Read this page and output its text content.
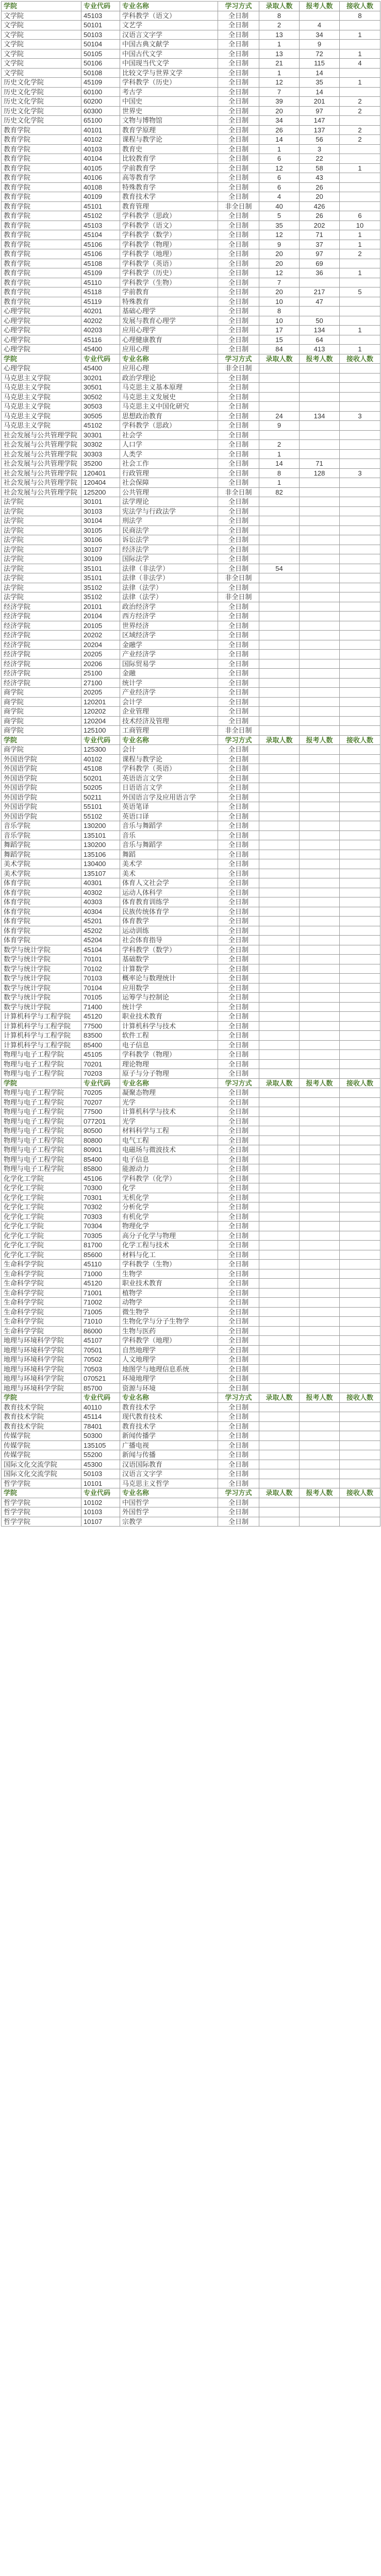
学院	专业代码	专业名称	学习方式	录取人数	报考人数	接收人数
文学院	45103	学科教学（语文）	全日制	8		8
文学院	50101	文艺学	全日制	2	4	
文学院	50103	汉语言文字学	全日制	13	34	1
文学院	50104	中国古典文献学	全日制	1	9	
文学院	50105	中国古代文学	全日制	13	72	1
文学院	50106	中国现当代文学	全日制	21	115	4
文学院	50108	比较文学与世界文学	全日制	1	14	
历史文化学院	45109	学科教学（历史）	全日制	12	35	1
历史文化学院	60100	考古学	全日制	7	14	
历史文化学院	60200	中国史	全日制	39	201	2
历史文化学院	60300	世界史	全日制	20	97	2
历史文化学院	65100	文物与博物馆	全日制	34	147	
教育学院	40101	教育学原理	全日制	26	137	2
教育学院	40102	课程与教学论	全日制	14	56	2
教育学院	40103	教育史	全日制	1	3	
教育学院	40104	比较教育学	全日制	6	22	
教育学院	40105	学前教育学	全日制	12	58	1
教育学院	40106	高等教育学	全日制	6	43	
教育学院	40108	特殊教育学	全日制	6	26	
教育学院	40109	教育技术学	全日制	4	20	
教育学院	45101	教育管理	非全日制	40	426	
教育学院	45102	学科教学（思政）	全日制	5	26	6
教育学院	45103	学科教学（语文）	全日制	35	202	10
教育学院	45104	学科教学（数学）	全日制	12	71	1
教育学院	45106	学科教学（物理）	全日制	9	37	1
教育学院	45106	学科教学（地理）	全日制	20	97	2
教育学院	45108	学科教学（英语）	全日制	20	69	
教育学院	45109	学科教学（历史）	全日制	12	36	1
教育学院	45110	学科教学（生物）	全日制	7		
教育学院	45118	学前教育	全日制	20	217	5
教育学院	45119	特殊教育	全日制	10	47	
心理学院	40201	基础心理学	全日制	8		
心理学院	40202	发展与教育心理学	全日制	10	50	
心理学院	40203	应用心理学	全日制	17	134	1
心理学院	45116	心理健康教育	全日制	15	64	
心理学院	45400	应用心理	全日制	84	413	1
学院	专业代码	专业名称	学习方式	录取人数	报考人数	接收人数
心理学院	45400	应用心理	非全日制			
马克思主义学院	30201	政治学理论	全日制			
马克思主义学院	30501	马克思主义基本原理	全日制			
马克思主义学院	30502	马克思主义发展史	全日制			
马克思主义学院	30503	马克思主义中国化研究	全日制			
马克思主义学院	30505	思想政治教育	全日制	24	134	3
马克思主义学院	45102	学科教学（思政）	全日制	9		
社会发展与公共管理学院	30301	社会学	全日制			
社会发展与公共管理学院	30302	人口学	全日制	2		
社会发展与公共管理学院	30303	人类学	全日制	1		
社会发展与公共管理学院	35200	社会工作	全日制	14	71	
社会发展与公共管理学院	120401	行政管理	全日制	8	128	3
社会发展与公共管理学院	120404	社会保障	全日制	1		
社会发展与公共管理学院	125200	公共管理	非全日制	82		
法学院	30101	法学理论	全日制			
法学院	30103	宪法学与行政法学	全日制			
法学院	30104	刑法学	全日制			
法学院	30105	民商法学	全日制			
法学院	30106	诉讼法学	全日制			
法学院	30107	经济法学	全日制			
法学院	30109	国际法学	全日制			
法学院	35101	法律（非法学）	全日制	54		
法学院	35101	法律（非法学）	非全日制			
法学院	35102	法律（法学）	全日制			
法学院	35102	法律（法学）	非全日制			
经济学院	20101	政治经济学	全日制			
经济学院	20104	西方经济学	全日制			
经济学院	20105	世界经济	全日制			
经济学院	20202	区域经济学	全日制			
经济学院	20204	金融学	全日制			
经济学院	20205	产业经济学	全日制			
经济学院	20206	国际贸易学	全日制			
经济学院	25100	金融	全日制			
经济学院	27100	统计学	全日制			
商学院	20205	产业经济学	全日制			
商学院	120201	会计学	全日制			
商学院	120202	企业管理	全日制			
商学院	120204	技术经济及管理	全日制			
商学院	125100	工商管理	非全日制			
学院	专业代码	专业名称	学习方式	录取人数	报考人数	接收人数
商学院	125300	会计	全日制			
外国语学院	40102	课程与教学论	全日制			
外国语学院	45108	学科教学（英语）	全日制			
外国语学院	50201	英语语言文学	全日制			
外国语学院	50205	日语语言文学	全日制			
外国语学院	50211	外国语言学及应用语言学	全日制			
外国语学院	55101	英语笔译	全日制			
外国语学院	55102	英语口译	全日制			
音乐学院	130200	音乐与舞蹈学	全日制			
音乐学院	135101	音乐	全日制			
舞蹈学院	130200	音乐与舞蹈学	全日制			
舞蹈学院	135106	舞蹈	全日制			
美术学院	130400	美术学	全日制			
美术学院	135107	美术	全日制			
体育学院	40301	体育人文社会学	全日制			
体育学院	40302	运动人体科学	全日制			
体育学院	40303	体育教育训练学	全日制			
体育学院	40304	民族传统体育学	全日制			
体育学院	45201	体育教学	全日制			
体育学院	45202	运动训练	全日制			
体育学院	45204	社会体育指导	全日制			
数学与统计学院	45104	学科教学（数学）	全日制			
数学与统计学院	70101	基础数学	全日制			
数学与统计学院	70102	计算数学	全日制			
数学与统计学院	70103	概率论与数理统计	全日制			
数学与统计学院	70104	应用数学	全日制			
数学与统计学院	70105	运筹学与控制论	全日制			
数学与统计学院	71400	统计学	全日制			
计算机科学与工程学院	45120	职业技术教育	全日制			
计算机科学与工程学院	77500	计算机科学与技术	全日制			
计算机科学与工程学院	83500	软件工程	全日制			
计算机科学与工程学院	85400	电子信息	全日制			
物理与电子工程学院	45105	学科教学（物理）	全日制			
物理与电子工程学院	70201	理论物理	全日制			
物理与电子工程学院	70203	原子与分子物理	全日制			
学院	专业代码	专业名称	学习方式	录取人数	报考人数	接收人数
物理与电子工程学院	70205	凝聚态物理	全日制			
物理与电子工程学院	70207	光学	全日制			
物理与电子工程学院	77500	计算机科学与技术	全日制			
物理与电子工程学院	077201	光学	全日制			
物理与电子工程学院	80500	材料科学与工程	全日制			
物理与电子工程学院	80800	电气工程	全日制			
物理与电子工程学院	80901	电磁场与微波技术	全日制			
物理与电子工程学院	85400	电子信息	全日制			
物理与电子工程学院	85800	能源动力	全日制			
化学化工学院	45106	学科教学（化学）	全日制			
化学化工学院	70300	化学	全日制			
化学化工学院	70301	无机化学	全日制			
化学化工学院	70302	分析化学	全日制			
化学化工学院	70303	有机化学	全日制			
化学化工学院	70304	物理化学	全日制			
化学化工学院	70305	高分子化学与物理	全日制			
化学化工学院	81700	化学工程与技术	全日制			
化学化工学院	85600	材料与化工	全日制			
生命科学学院	45110	学科教学（生物）	全日制			
生命科学学院	71000	生物学	全日制			
生命科学学院	45120	职业技术教育	全日制			
生命科学学院	71001	植物学	全日制			
生命科学学院	71002	动物学	全日制			
生命科学学院	71005	微生物学	全日制			
生命科学学院	71010	生物化学与分子生物学	全日制			
生命科学学院	86000	生物与医药	全日制			
地理与环境科学学院	45107	学科教学（地理）	全日制			
地理与环境科学学院	70501	自然地理学	全日制			
地理与环境科学学院	70502	人文地理学	全日制			
地理与环境科学学院	70503	地图学与地理信息系统	全日制			
地理与环境科学学院	070521	环境地理学	全日制			
地理与环境科学学院	85700	资源与环境	全日制			
学院	专业代码	专业名称	学习方式	录取人数	报考人数	接收人数
教育技术学院	40110	教育技术学	全日制			
教育技术学院	45114	现代教育技术	全日制			
教育技术学院	78401	教育技术学	全日制			
传媒学院	50300	新闻传播学	全日制			
传媒学院	135105	广播电视	全日制			
传媒学院	55200	新闻与传播	全日制			
国际文化交流学院	45300	汉语国际教育	全日制			
国际文化交流学院	50103	汉语言文字学	全日制			
哲学学院	10101	马克思主义哲学	全日制			
学院	专业代码	专业名称	学习方式	录取人数	报考人数	接收人数
哲学学院	10102	中国哲学	全日制			
哲学学院	10103	外国哲学	全日制			
哲学学院	10107	宗教学	全日制			
